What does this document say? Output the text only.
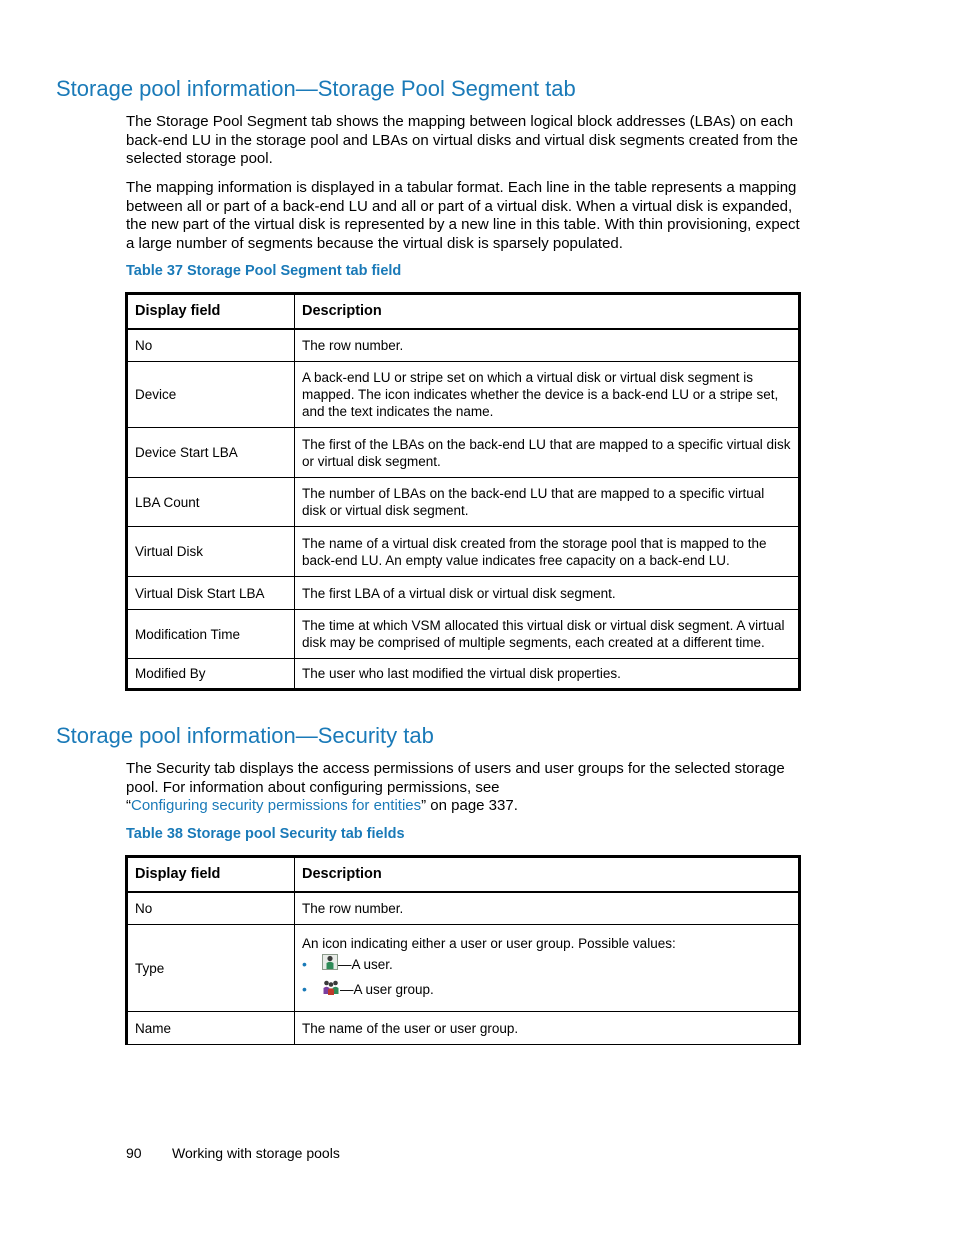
Storage pool information—Storage Pool Segment tab

The Storage Pool Segment tab shows the mapping between logical block addresses (LBAs) on each back-end LU in the storage pool and LBAs on virtual disks and virtual disk segments created from the selected storage pool.

The mapping information is displayed in a tabular format. Each line in the table represents a mapping between all or part of a back-end LU and all or part of a virtual disk. When a virtual disk is expanded, the new part of the virtual disk is represented by a new line in this table. With thin provisioning, expect a large number of segments because the virtual disk is sparsely populated.

Table 37 Storage Pool Segment tab field
Display field	Description
No	The row number.
Device	A back-end LU or stripe set on which a virtual disk or virtual disk segment is mapped. The icon indicates whether the device is a back-end LU or a stripe set, and the text indicates the name.
Device Start LBA	The first of the LBAs on the back-end LU that are mapped to a specific virtual disk or virtual disk segment.
LBA Count	The number of LBAs on the back-end LU that are mapped to a specific virtual disk or virtual disk segment.
Virtual Disk	The name of a virtual disk created from the storage pool that is mapped to the back-end LU. An empty value indicates free capacity on a back-end LU.
Virtual Disk Start LBA	The first LBA of a virtual disk or virtual disk segment.
Modification Time	The time at which VSM allocated this virtual disk or virtual disk segment. A virtual disk may be comprised of multiple segments, each created at a different time.
Modified By	The user who last modified the virtual disk properties.
Storage pool information—Security tab

The Security tab displays the access permissions of users and user groups for the selected storage pool. For information about configuring permissions, see
“Configuring security permissions for entities” on page 337.

Table 38 Storage pool Security tab fields
Display field	Description
No	The row number.
Type	An icon indicating either a user or user group. Possible values:
• —A user.
• —A user group.

Name	The name of the user or user group.
90 Working with storage pools
